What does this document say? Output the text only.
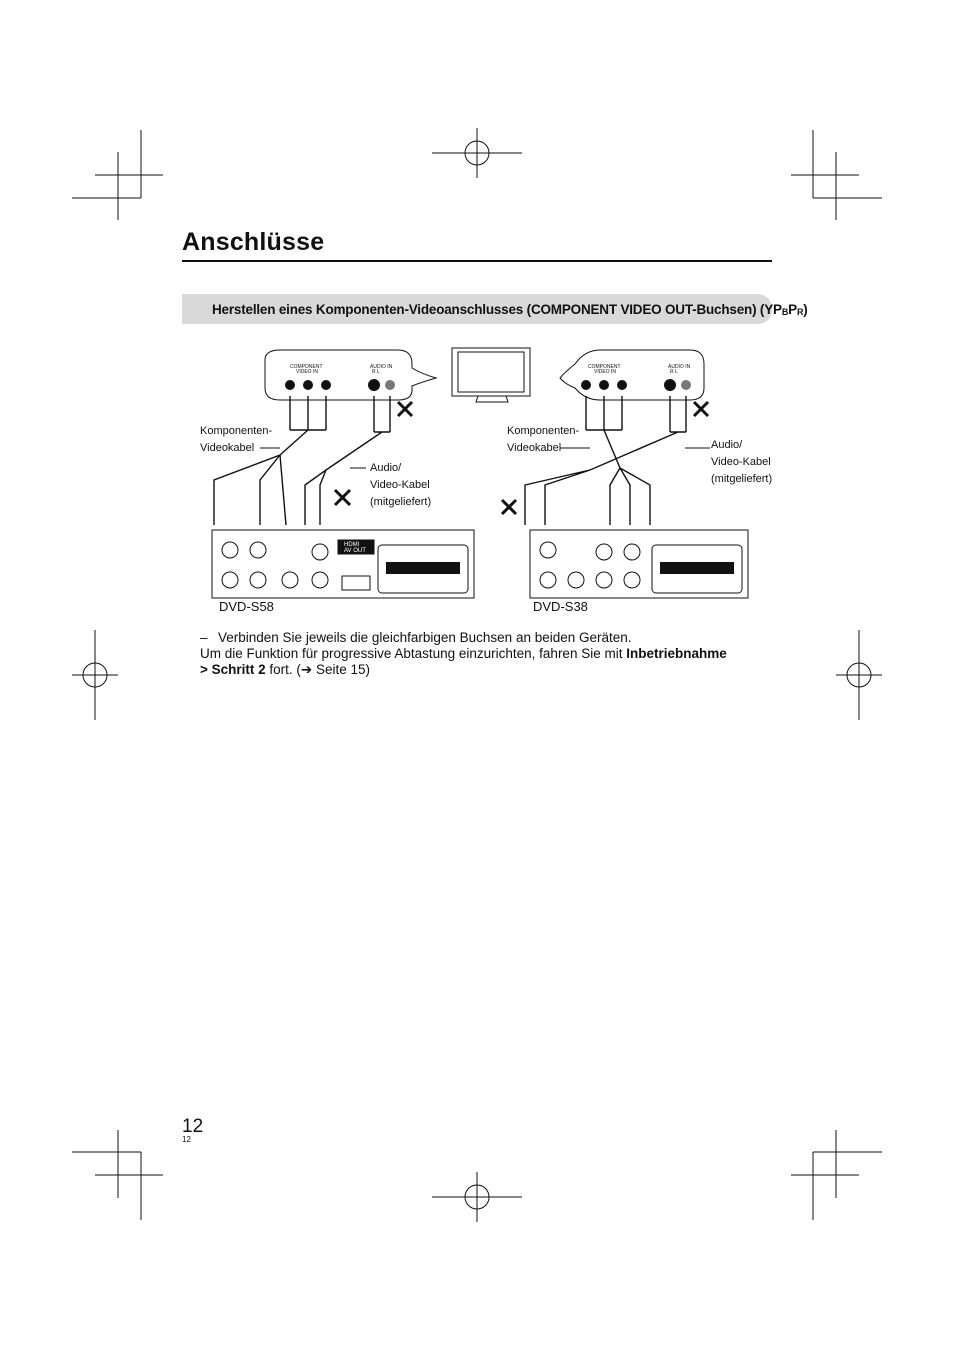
Anschlüsse
Herstellen eines Komponenten-Videoanschlusses (COMPONENT VIDEO OUT-Buchsen) $(YP_BP_R)$
COMPONENT
VIDEO IN
AUDIO IN
R L
COMPONENT
VIDEO IN
AUDIO IN
R L
HDMI
AV OUT
Komponenten-
Videokabel
Audio/
Video-Kabel
(mitgeliefert)
Komponenten-
Videokabel	Audio/
Video-Kabel
(mitgeliefert)
DVD-S58	DVD-S38

– Verbinden Sie jeweils die gleichfarbigen Buchsen an beiden Geräten.

Um die Funktion für progressive Abtastung einzurichten, fahren Sie mit Inbetriebnahme

> Schritt 2 fort. (➔ Seite 15)

12
12
